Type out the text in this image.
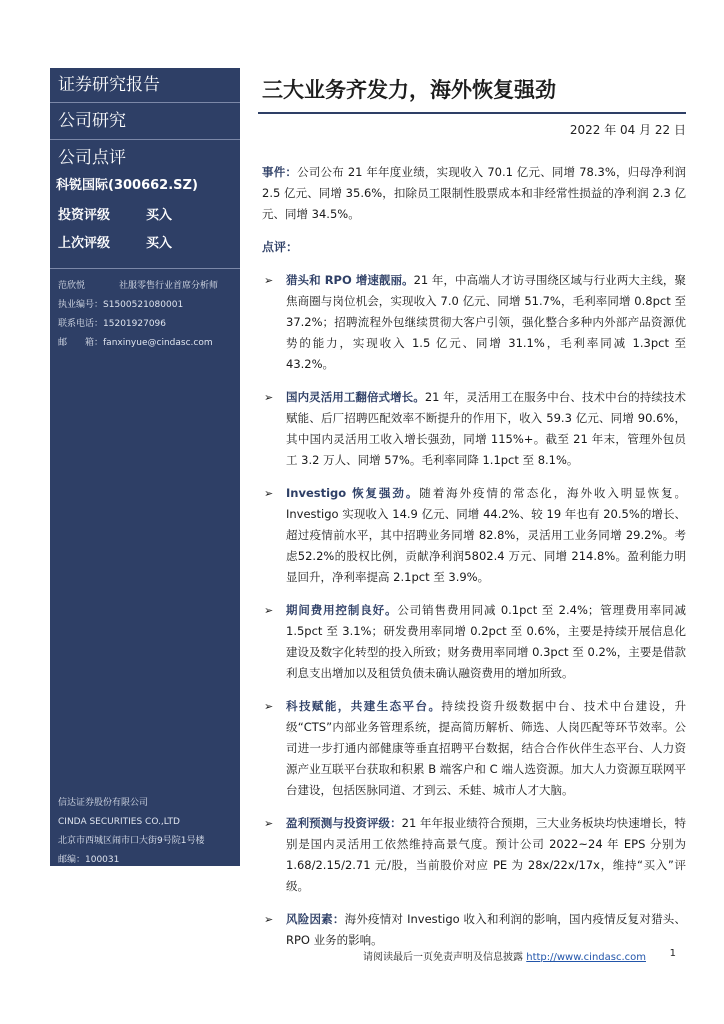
证券研究报告
公司研究
公司点评
科锐国际(300662.SZ)
投资评级	买入
上次评级	买入
范欣悦	社服零售行业首席分析师
执业编号：S1500521080001
联系电话：15201927096
邮　　箱：fanxinyue@cindasc.com
信达证券股份有限公司
CINDA SECURITIES CO.,LTD
北京市西城区闹市口大街9号院1号楼
邮编：100031
三大业务齐发力，海外恢复强劲
2022 年 04 月 22 日

事件：公司公布 21 年年度业绩，实现收入 70.1 亿元、同增 78.3%，归母净利润 2.5 亿元、同增 35.6%，扣除员工限制性股票成本和非经常性损益的净利润 2.3 亿元、同增 34.5%。

点评：
➢ 猎头和 RPO 增速靓丽。21 年，中高端人才访寻围绕区域与行业两大主线，聚焦商圈与岗位机会，实现收入 7.0 亿元、同增 51.7%，毛利率同增 0.8pct 至 37.2%；招聘流程外包继续贯彻大客户引领，强化整合多种内外部产品资源优势的能力，实现收入 1.5 亿元、同增 31.1%，毛利率同减 1.3pct 至 43.2%。

➢ 国内灵活用工翻倍式增长。21 年，灵活用工在服务中台、技术中台的持续技术赋能、后厂招聘匹配效率不断提升的作用下，收入 59.3 亿元、同增 90.6%，其中国内灵活用工收入增长强劲，同增 115%+。截至 21 年末，管理外包员工 3.2 万人、同增 57%。毛利率同降 1.1pct 至 8.1%。

➢ Investigo 恢复强劲。随着海外疫情的常态化，海外收入明显恢复。Investigo 实现收入 14.9 亿元、同增 44.2%、较 19 年也有 20.5%的增长、超过疫情前水平，其中招聘业务同增 82.8%，灵活用工业务同增 29.2%。考虑52.2%的股权比例，贡献净利润5802.4 万元、同增 214.8%。盈利能力明显回升，净利率提高 2.1pct 至 3.9%。

➢ 期间费用控制良好。公司销售费用同减 0.1pct 至 2.4%；管理费用率同减 1.5pct 至 3.1%；研发费用率同增 0.2pct 至 0.6%，主要是持续开展信息化建设及数字化转型的投入所致；财务费用率同增 0.3pct 至 0.2%，主要是借款利息支出增加以及租赁负债未确认融资费用的增加所致。

➢ 科技赋能，共建生态平台。持续投资升级数据中台、技术中台建设，升级“CTS”内部业务管理系统，提高简历解析、筛选、人岗匹配等环节效率。公司进一步打通内部健康等垂直招聘平台数据，结合合作伙伴生态平台、人力资源产业互联平台获取和积累 B 端客户和 C 端人选资源。加大人力资源互联网平台建设，包括医脉同道、才到云、禾蛙、城市人才大脑。

➢ 盈利预测与投资评级：21 年年报业绩符合预期，三大业务板块均快速增长，特别是国内灵活用工依然维持高景气度。预计公司 2022~24 年 EPS 分别为 1.68/2.15/2.71 元/股，当前股价对应 PE 为 28x/22x/17x，维持“买入”评级。

➢ 风险因素：海外疫情对 Investigo 收入和利润的影响，国内疫情反复对猎头、RPO 业务的影响。

请阅读最后一页免责声明及信息披露 http://www.cindasc.com 1
